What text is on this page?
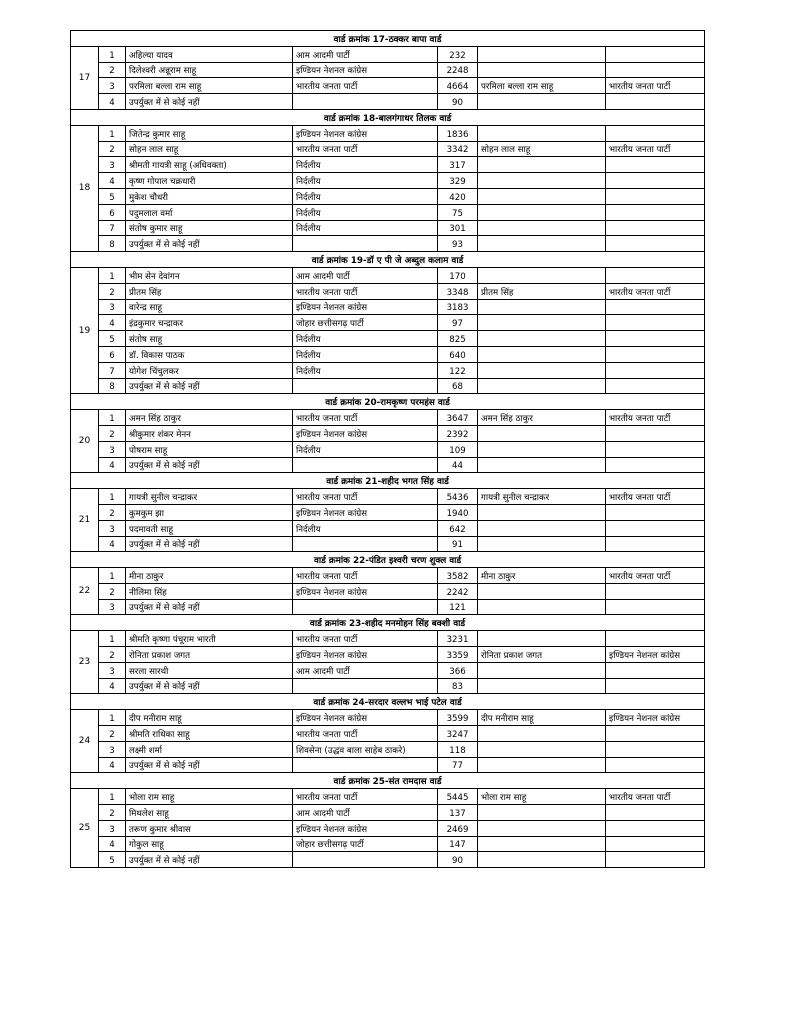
वार्ड क्रमांक 17-ठक्कर बापा वार्ड						
17	1	अहिल्या यादव	आम आदमी पार्टी	232		
	2	दिलेश्वरी अन्नूराम साहू	इण्डियन नेशनल कांग्रेस	2248		
	3	परमिला बल्ला राम साहू	भारतीय जनता पार्टी	4664	परमिला बल्ला राम साहू	भारतीय जनता पार्टी
	4	उपर्युक्त में से कोई नहीं		90		
वार्ड क्रमांक 18-बालगंगाधर तिलक वार्ड						
18	1	जितेन्द्र कुमार साहू	इण्डियन नेशनल कांग्रेस	1836		
	2	सोहन लाल साहू	भारतीय जनता पार्टी	3342	सोहन लाल साहू	भारतीय जनता पार्टी
	3	श्रीमती गायत्री साहू (अधिवक्ता)	निर्दलीय	317		
	4	कृष्ण गोपाल चक्रधारी	निर्दलीय	329		
	5	मुकेश चौधरी	निर्दलीय	420		
	6	पदुमलाल वर्मा	निर्दलीय	75		
	7	संतोष कुमार साहू	निर्दलीय	301		
	8	उपर्युक्त में से कोई नहीं		93		
वार्ड क्रमांक 19-डॉ ए पी जे अब्दुल कलाम वार्ड						
19	1	भीम सेन देवांगन	आम आदमी पार्टी	170		
	2	प्रीतम सिंह	भारतीय जनता पार्टी	3348	प्रीतम सिंह	भारतीय जनता पार्टी
	3	वारेन्द्र साहू	इण्डियन नेशनल कांग्रेस	3183		
	4	इंद्रकुमार चन्द्राकर	जोहार छत्तीसगढ़ पार्टी	97		
	5	संतोष साहू	निर्दलीय	825		
	6	डॉ. विकास पाठक	निर्दलीय	640		
	7	योगेश चिंचुलकर	निर्दलीय	122		
	8	उपर्युक्त में से कोई नहीं		68		
वार्ड क्रमांक 20-रामकृष्ण परमहंस वार्ड						
20	1	अमन सिंह ठाकुर	भारतीय जनता पार्टी	3647	अमन सिंह ठाकुर	भारतीय जनता पार्टी
	2	श्रीकुमार शंकर मेनन	इण्डियन नेशनल कांग्रेस	2392		
	3	पोषराम साहू	निर्दलीय	109		
	4	उपर्युक्त में से कोई नहीं		44		
वार्ड क्रमांक 21-शहीद भगत सिंह वार्ड						
21	1	गायत्री सुनील चन्द्राकर	भारतीय जनता पार्टी	5436	गायत्री सुनील चन्द्राकर	भारतीय जनता पार्टी
	2	कुमकुम झा	इण्डियन नेशनल कांग्रेस	1940		
	3	पदमावती साहू	निर्दलीय	642		
	4	उपर्युक्त में से कोई नहीं		91		
वार्ड क्रमांक 22-पंडित इश्वरी चरण शुक्ल वार्ड						
22	1	मीना ठाकुर	भारतीय जनता पार्टी	3582	मीना ठाकुर	भारतीय जनता पार्टी
	2	नीलिमा सिंह	इण्डियन नेशनल कांग्रेस	2242		
	3	उपर्युक्त में से कोई नहीं		121		
वार्ड क्रमांक 23-शहीद मनमोहन सिंह बक्शी वार्ड						
23	1	श्रीमति कृष्णा पंचूराम भारती	भारतीय जनता पार्टी	3231		
	2	रोनिता प्रकाश जगत	इण्डियन नेशनल कांग्रेस	3359	रोनिता प्रकाश जगत	इण्डियन नेशनल कांग्रेस
	3	सरला सारथी	आम आदमी पार्टी	366		
	4	उपर्युक्त में से कोई नहीं		83		
वार्ड क्रमांक 24-सरदार वल्लभ भाई पटेल वार्ड						
24	1	दीप मनीराम साहू	इण्डियन नेशनल कांग्रेस	3599	दीप मनीराम साहू	इण्डियन नेशनल कांग्रेस
	2	श्रीमति राधिका साहू	भारतीय जनता पार्टी	3247		
	3	लक्ष्मी शर्मा	शिवसेना (उद्धव बाला साहेब ठाकरे)	118		
	4	उपर्युक्त में से कोई नहीं		77		
वार्ड क्रमांक 25-संत रामदास वार्ड						
25	1	भोला राम साहू	भारतीय जनता पार्टी	5445	भोला राम साहू	भारतीय जनता पार्टी
	2	मिथलेश साहू	आम आदमी पार्टी	137		
	3	तरूण कुमार श्रीवास	इण्डियन नेशनल कांग्रेस	2469		
	4	गोकुल साहू	जोहार छत्तीसगढ़ पार्टी	147		
	5	उपर्युक्त में से कोई नहीं		90		
